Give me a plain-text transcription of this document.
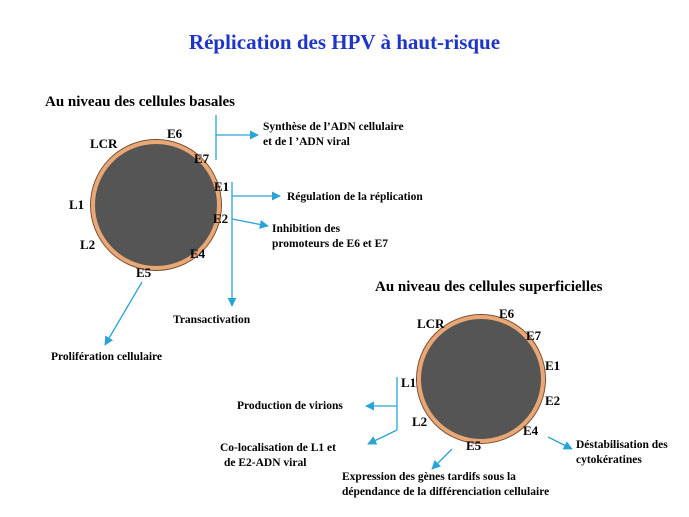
Réplication des HPV à haut-risque
Au niveau des cellules basales
LCR
E6
E7
E1
E2
E4
E5
L1
L2
Synthèse de l’ADN cellulaire
et de l ’ADN viral
Régulation de la réplication
Inhibition des
promoteurs de E6 et E7
Transactivation
Prolifération cellulaire
Au niveau des cellules superficielles
LCR
E6
E7
E1
E2
E4
E5
L1
L2
Production de virions
Co-localisation de L1 et
de E2-ADN viral
Expression des gènes tardifs sous la
dépendance de la différenciation cellulaire
Déstabilisation des
cytokératines
